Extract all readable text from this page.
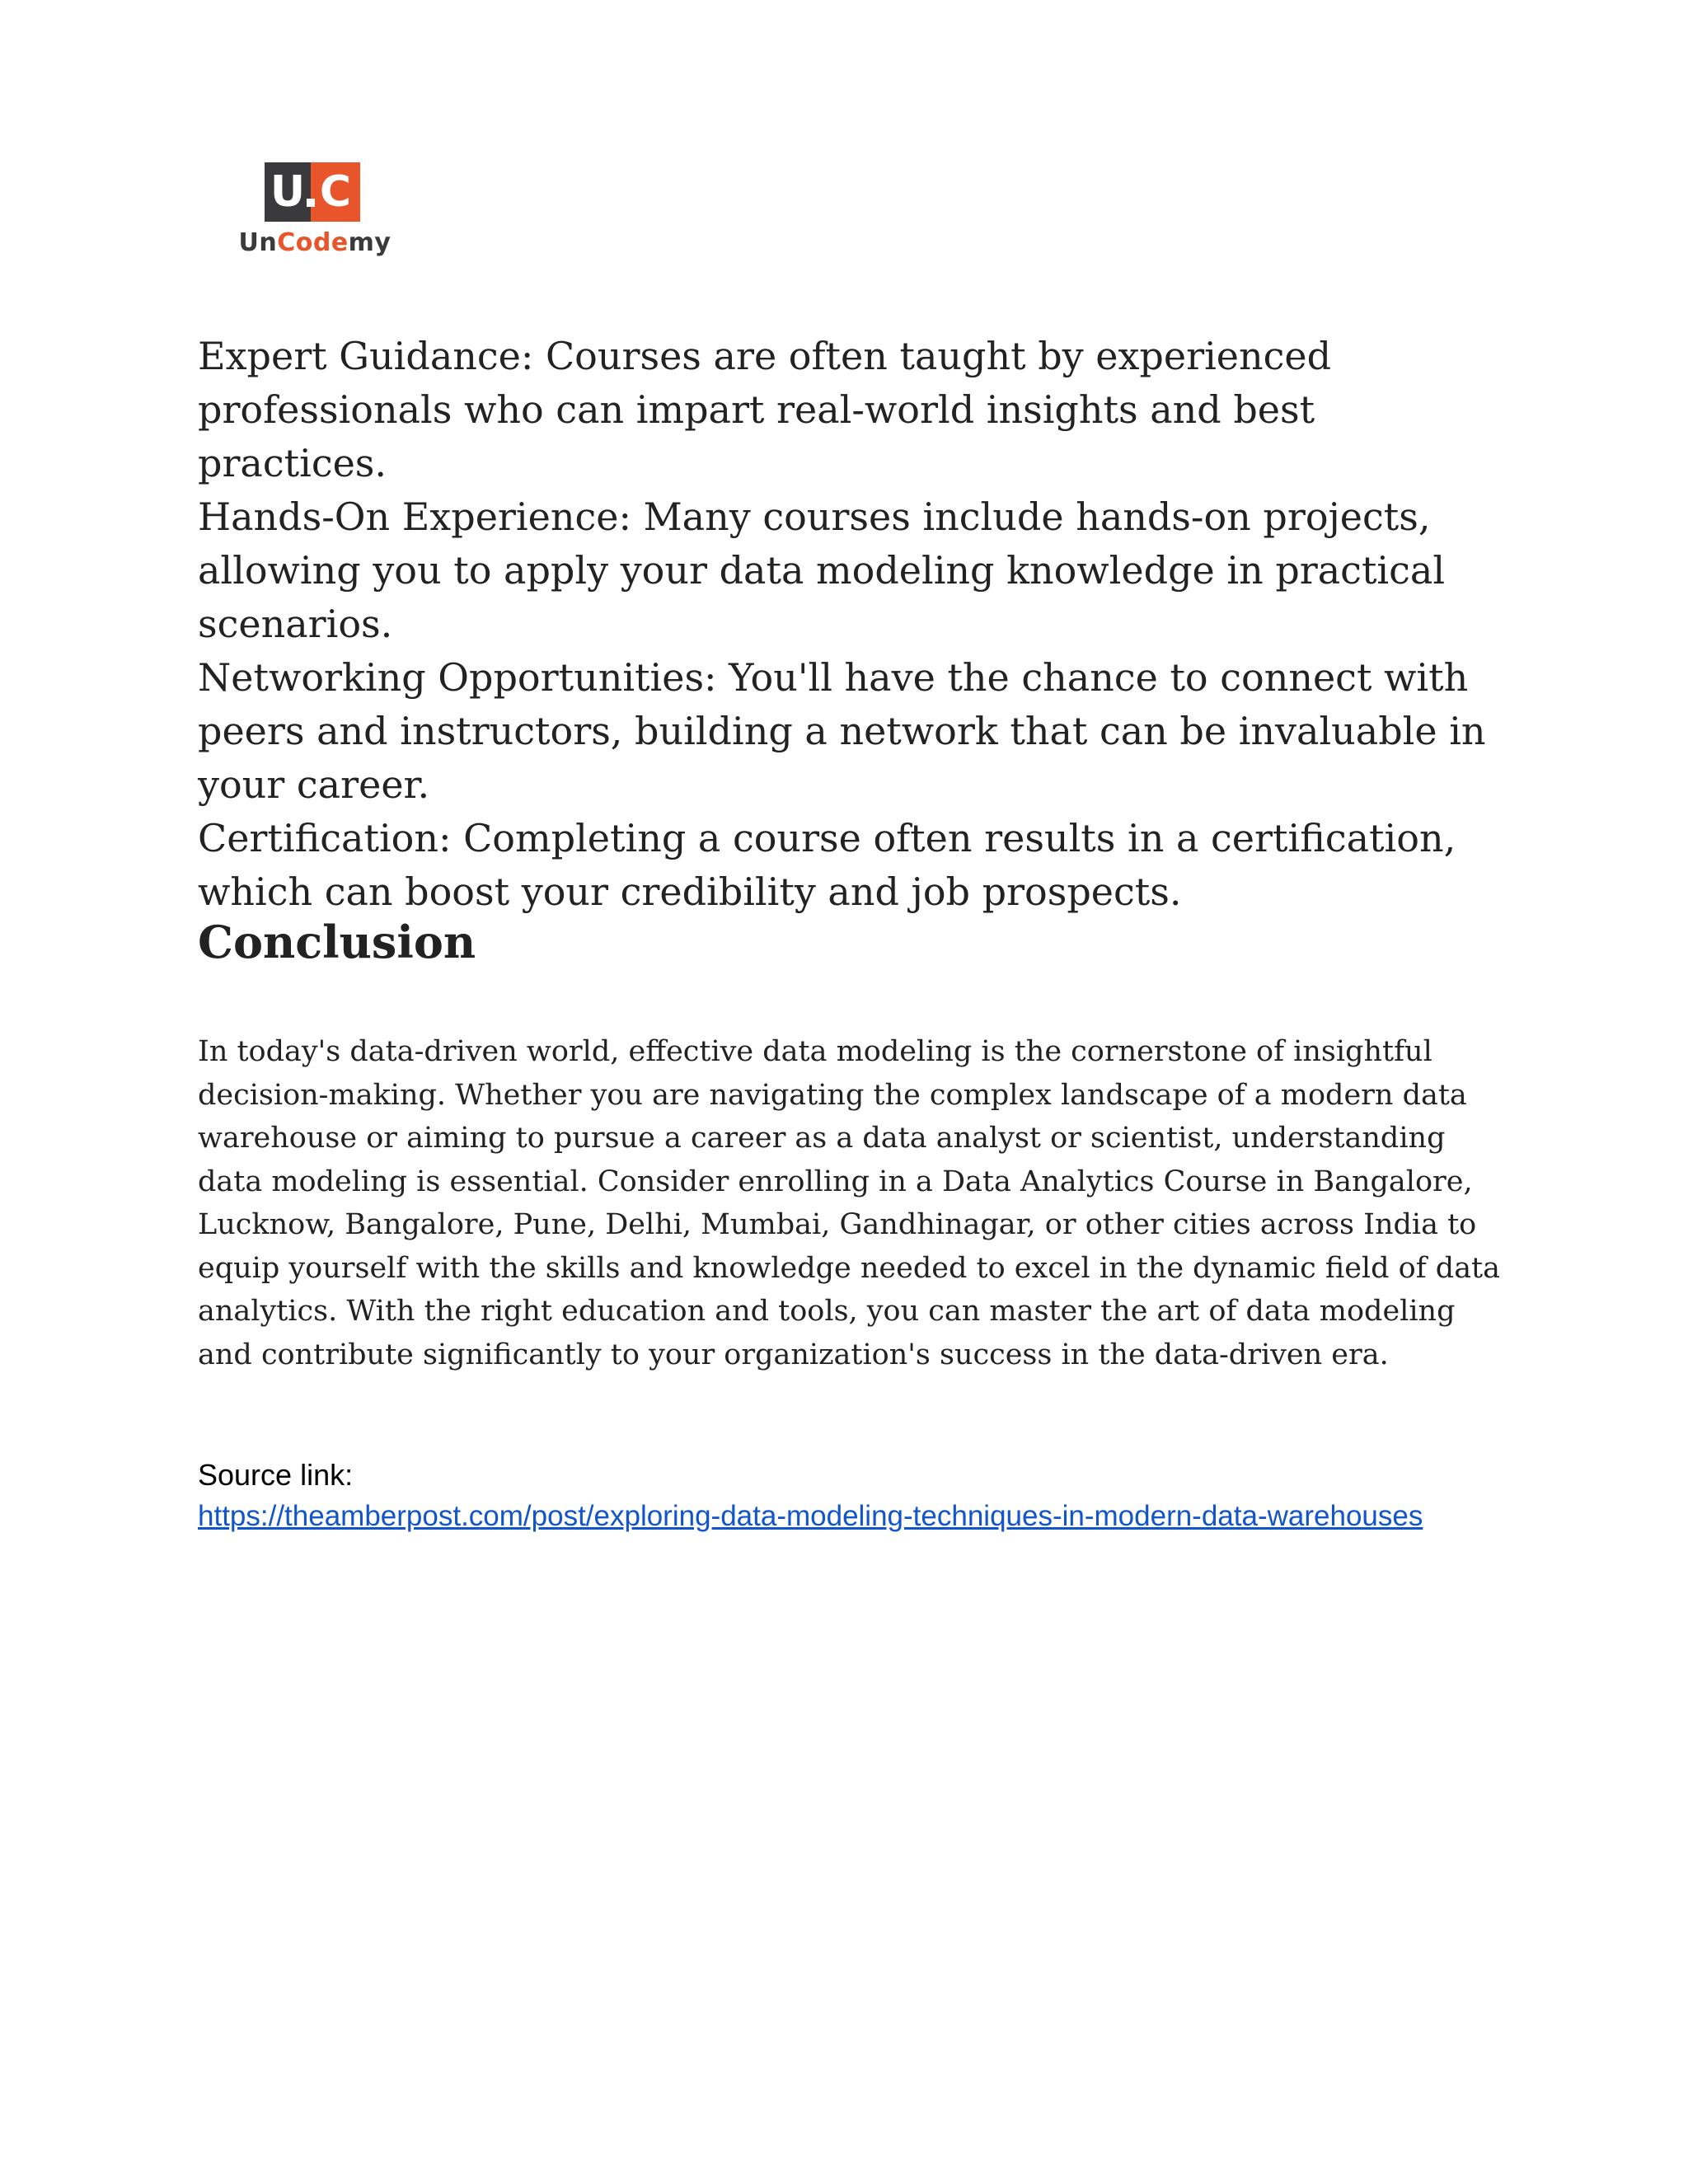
U C
UnCodemy

Expert Guidance: Courses are often taught by experienced professionals who can impart real-world insights and best practices.

Hands-On Experience: Many courses include hands-on projects, allowing you to apply your data modeling knowledge in practical scenarios.

Networking Opportunities: You'll have the chance to connect with peers and instructors, building a network that can be invaluable in your career.

Certification: Completing a course often results in a certification, which can boost your credibility and job prospects.

Conclusion

In today's data-driven world, effective data modeling is the cornerstone of insightful decision-making. Whether you are navigating the complex landscape of a modern data warehouse or aiming to pursue a career as a data analyst or scientist, understanding data modeling is essential. Consider enrolling in a Data Analytics Course in Bangalore, Lucknow, Bangalore, Pune, Delhi, Mumbai, Gandhinagar, or other cities across India to equip yourself with the skills and knowledge needed to excel in the dynamic field of data analytics. With the right education and tools, you can master the art of data modeling and contribute significantly to your organization's success in the data-driven era.

Source link:
https://theamberpost.com/post/exploring-data-modeling-techniques-in-modern-data-warehouses
